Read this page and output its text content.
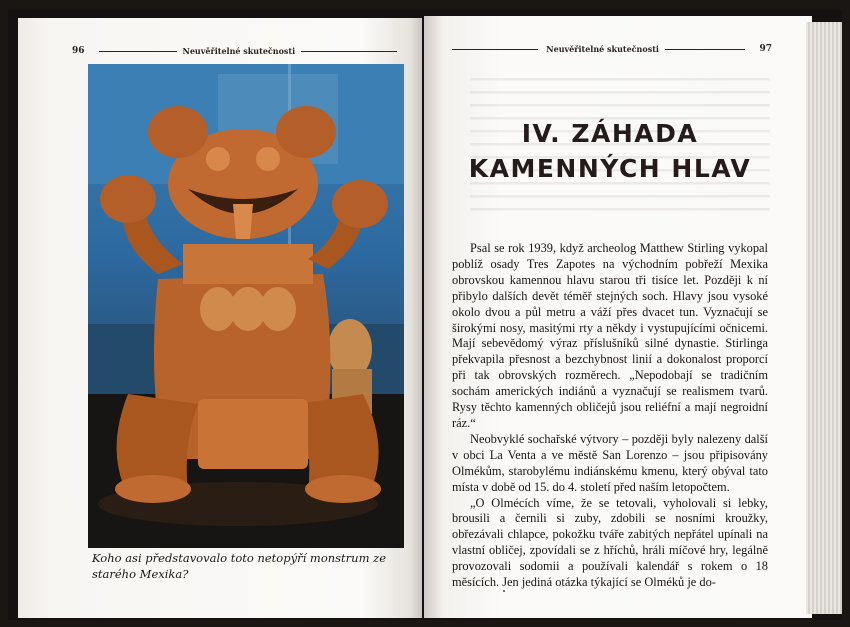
96	Neuvěřitelné skutečnosti
Koho asi představovalo toto netopýří monstrum ze starého Mexika?
Neuvěřitelné skutečnosti	97
IV. ZÁHADA
KAMENNÝCH HLAV

Psal se rok 1939, když archeolog Matthew Stirling vykopal poblíž osady Tres Zapotes na východním pobřeží Mexika obrovskou kamennou hlavu starou tři tisíce let. Později k ní přibylo dalších devět téměř stejných soch. Hlavy jsou vysoké okolo dvou a půl metru a váží přes dvacet tun. Vyznačují se širokými nosy, masitými rty a někdy i vystupujícími očnicemi. Mají sebevědomý výraz příslušníků silné dynastie. Stirlinga překvapila přesnost a bezchybnost linií a dokonalost proporcí při tak obrovských rozměrech. „Nepodobají se tradičním sochám amerických indiánů a vyznačují se realismem tvarů. Rysy těchto kamenných obličejů jsou reliéfní a mají negroidní ráz.“

Neobvyklé sochařské výtvory – později byly nalezeny další v obci La Venta a ve městě San Lorenzo – jsou připisovány Olmékům, starobylému indiánskému kmenu, který obýval tato místa v době od 15. do 4. století před naším letopočtem.

„O Olmécích víme, že se tetovali, vyholovali si lebky, brousili a černili si zuby, zdobili se nosními kroužky, obřezávali chlapce, pokožku tváře zabitých nepřátel upínali na vlastní obličej, zpovídali se z hříchů, hráli míčové hry, legálně provozovali sodomii a používali kalendář s rokem o 18 měsících. Jen jediná otázka týkající se Olméků je do-
